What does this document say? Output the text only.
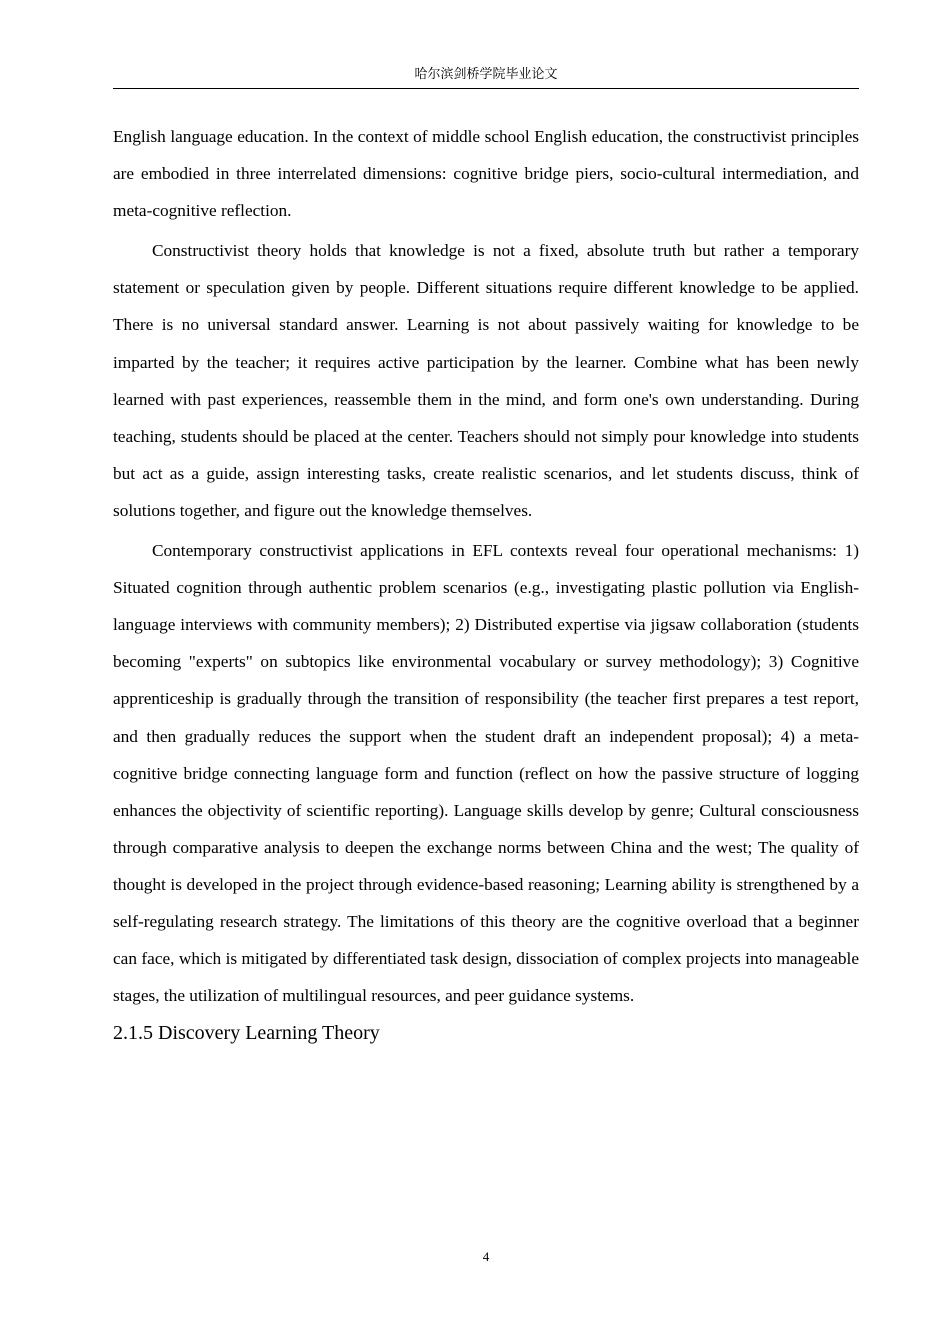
哈尔滨剑桥学院毕业论文

English language education. In the context of middle school English education, the constructivist principles are embodied in three interrelated dimensions: cognitive bridge piers, socio-cultural intermediation, and meta-cognitive reflection.

Constructivist theory holds that knowledge is not a fixed, absolute truth but rather a temporary statement or speculation given by people. Different situations require different knowledge to be applied. There is no universal standard answer. Learning is not about passively waiting for knowledge to be imparted by the teacher; it requires active participation by the learner. Combine what has been newly learned with past experiences, reassemble them in the mind, and form one's own understanding. During teaching, students should be placed at the center. Teachers should not simply pour knowledge into students but act as a guide, assign interesting tasks, create realistic scenarios, and let students discuss, think of solutions together, and figure out the knowledge themselves.

Contemporary constructivist applications in EFL contexts reveal four operational mechanisms: 1) Situated cognition through authentic problem scenarios (e.g., investigating plastic pollution via English-language interviews with community members); 2) Distributed expertise via jigsaw collaboration (students becoming "experts" on subtopics like environmental vocabulary or survey methodology); 3) Cognitive apprenticeship is gradually through the transition of responsibility (the teacher first prepares a test report, and then gradually reduces the support when the student draft an independent proposal); 4) a meta-cognitive bridge connecting language form and function (reflect on how the passive structure of logging enhances the objectivity of scientific reporting). Language skills develop by genre; Cultural consciousness through comparative analysis to deepen the exchange norms between China and the west; The quality of thought is developed in the project through evidence-based reasoning; Learning ability is strengthened by a self-regulating research strategy. The limitations of this theory are the cognitive overload that a beginner can face, which is mitigated by differentiated task design, dissociation of complex projects into manageable stages, the utilization of multilingual resources, and peer guidance systems.

2.1.5 Discovery Learning Theory
4
